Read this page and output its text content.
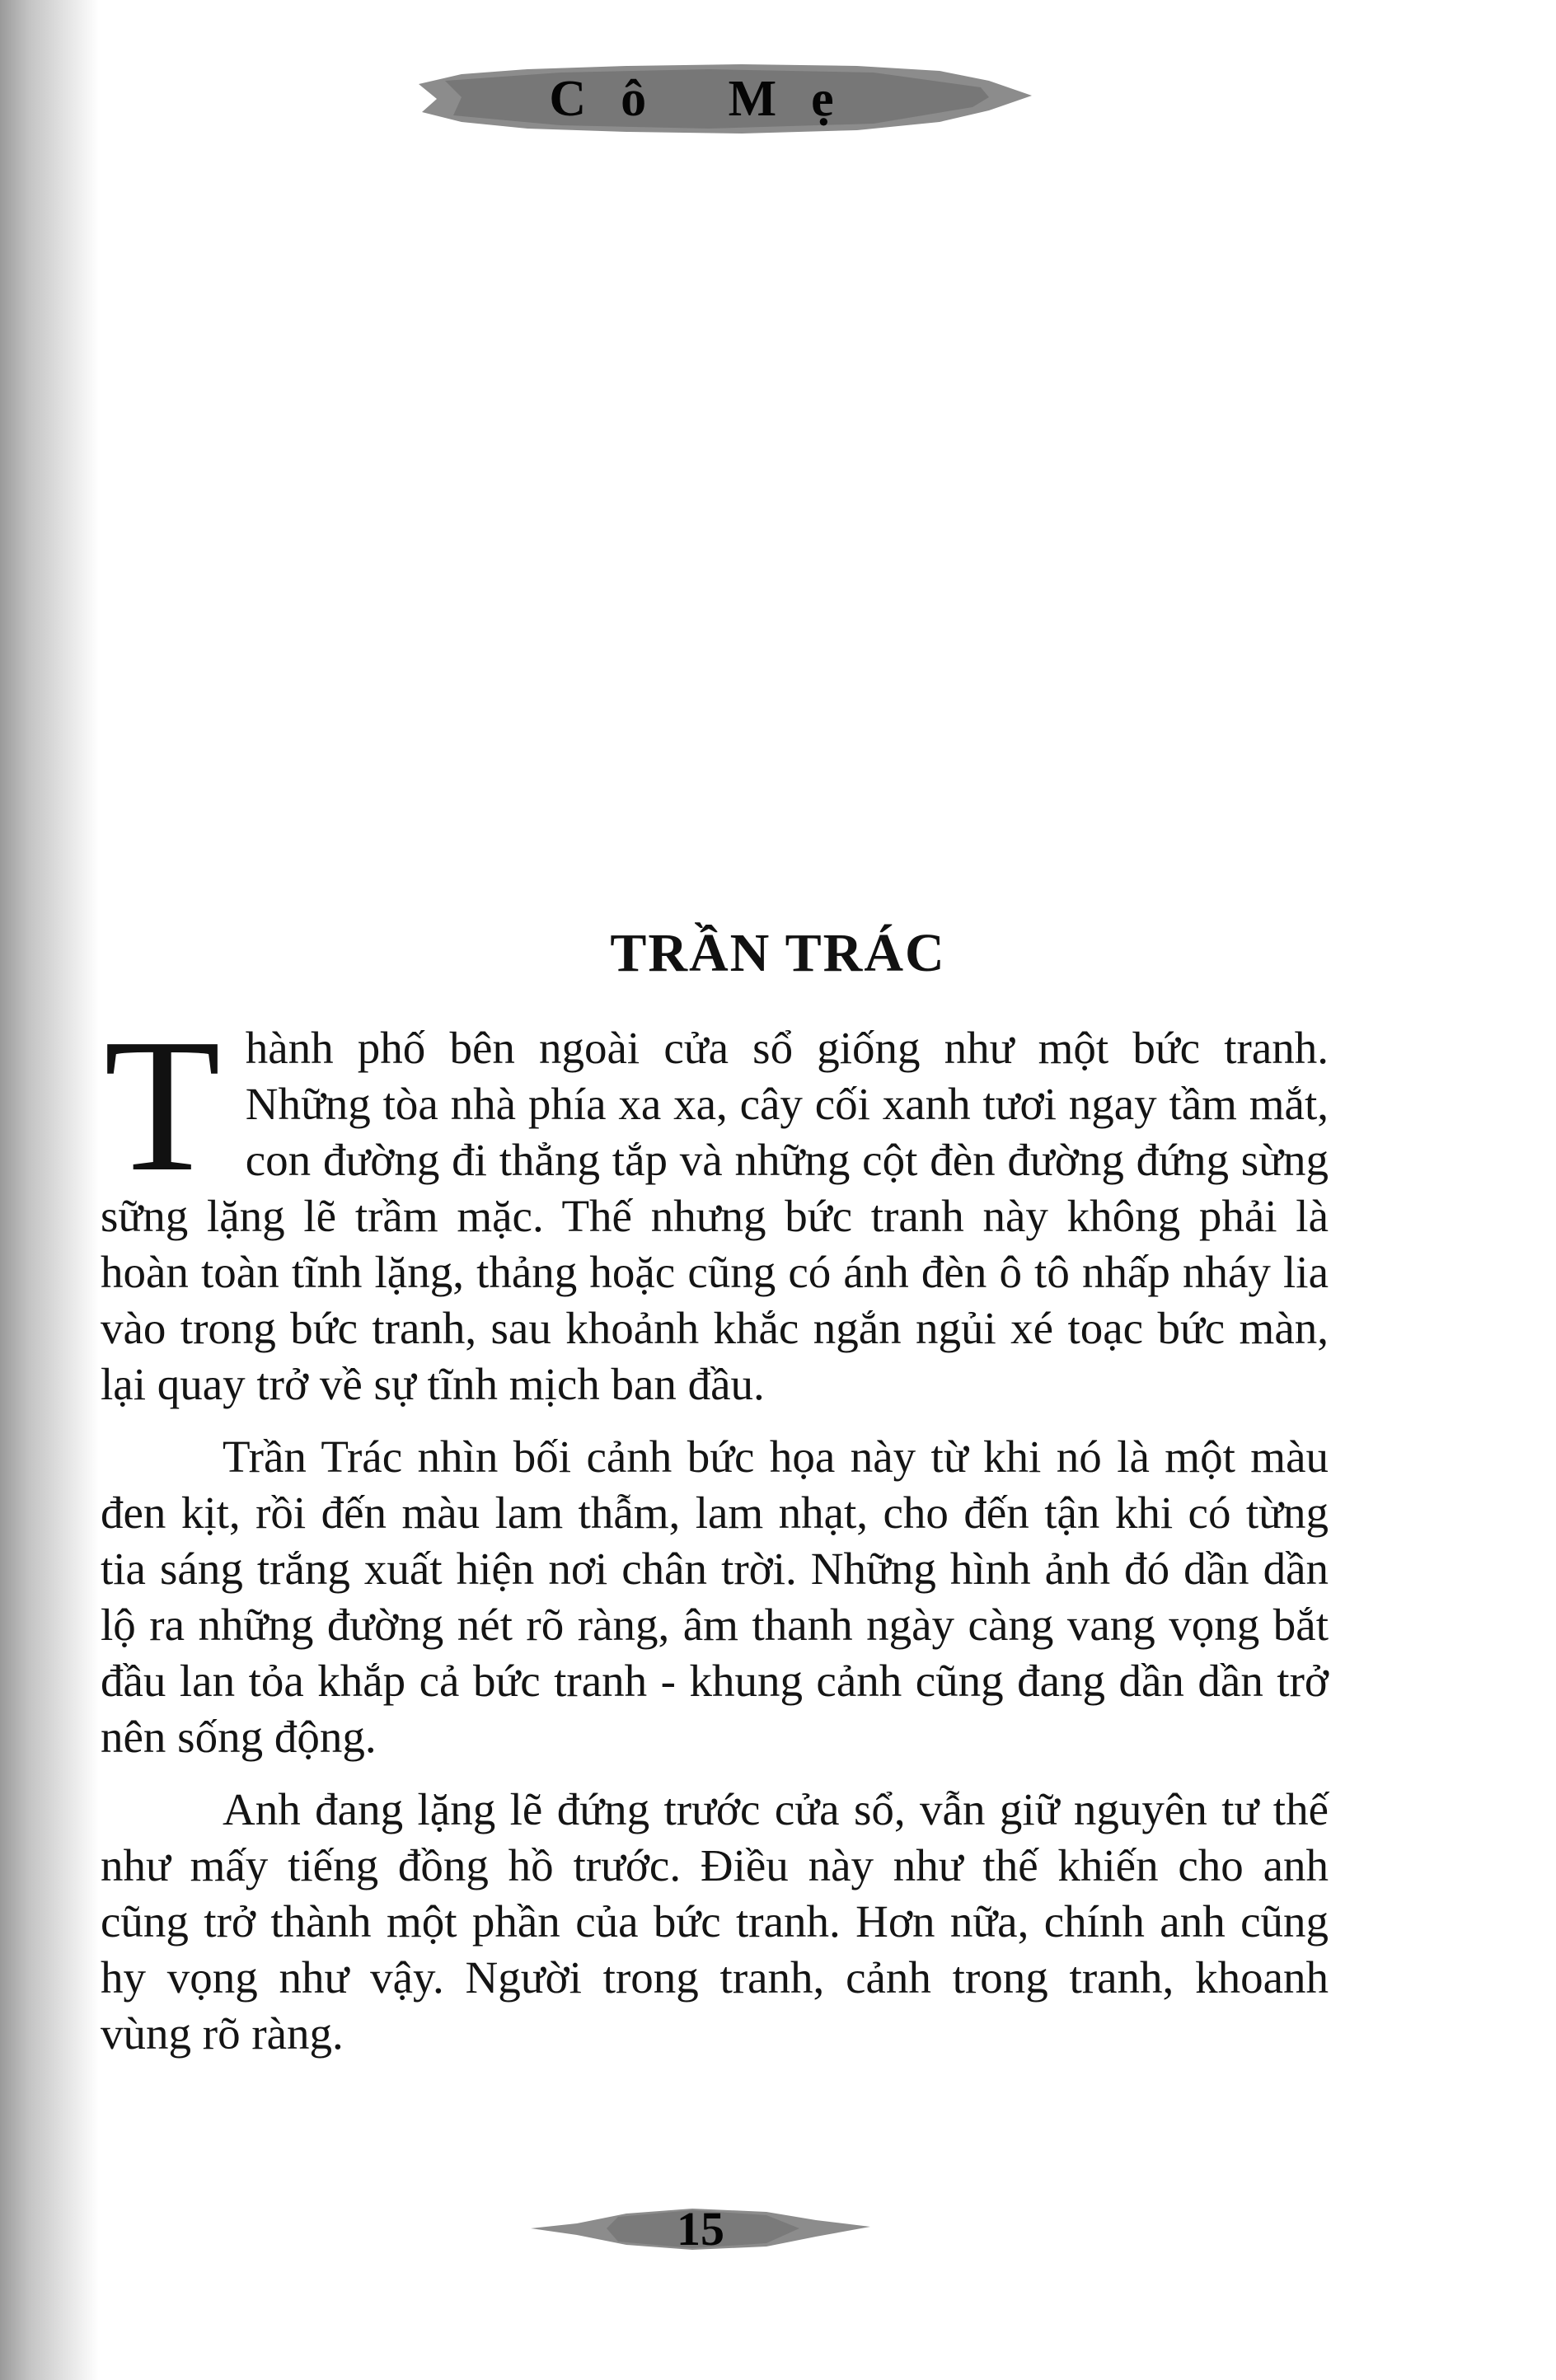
Cô Mẹ
TRẦN TRÁC

Thành phố bên ngoài cửa sổ giống như một bức tranh. Những tòa nhà phía xa xa, cây cối xanh tươi ngay tầm mắt, con đường đi thẳng tắp và những cột đèn đường đứng sừng sững lặng lẽ trầm mặc. Thế nhưng bức tranh này không phải là hoàn toàn tĩnh lặng, thảng hoặc cũng có ánh đèn ô tô nhấp nháy lia vào trong bức tranh, sau khoảnh khắc ngắn ngủi xé toạc bức màn, lại quay trở về sự tĩnh mịch ban đầu.

Trần Trác nhìn bối cảnh bức họa này từ khi nó là một màu đen kịt, rồi đến màu lam thẫm, lam nhạt, cho đến tận khi có từng tia sáng trắng xuất hiện nơi chân trời. Những hình ảnh đó dần dần lộ ra những đường nét rõ ràng, âm thanh ngày càng vang vọng bắt đầu lan tỏa khắp cả bức tranh - khung cảnh cũng đang dần dần trở nên sống động.

Anh đang lặng lẽ đứng trước cửa sổ, vẫn giữ nguyên tư thế như mấy tiếng đồng hồ trước. Điều này như thế khiến cho anh cũng trở thành một phần của bức tranh. Hơn nữa, chính anh cũng hy vọng như vậy. Người trong tranh, cảnh trong tranh, khoanh vùng rõ ràng.

15
